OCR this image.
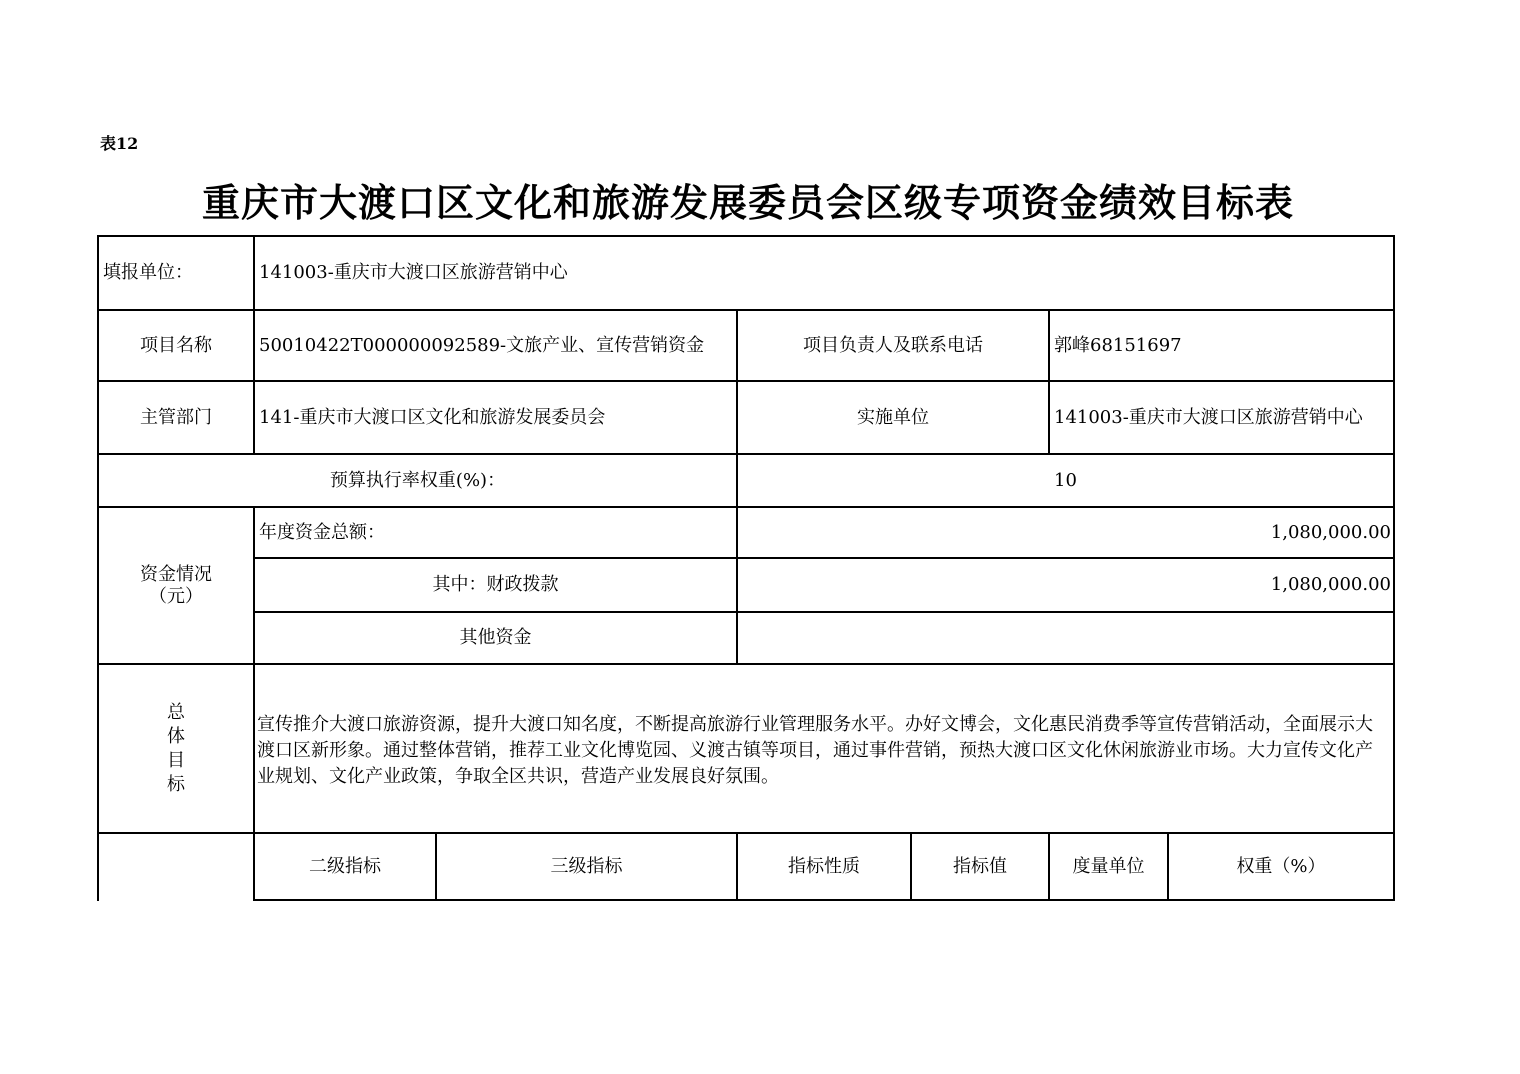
表12
重庆市大渡口区文化和旅游发展委员会区级专项资金绩效目标表
填报单位：	141003-重庆市大渡口区旅游营销中心
项目名称	50010422T000000092589-文旅产业、宣传营销资金	项目负责人及联系电话	郭峰68151697
主管部门	141-重庆市大渡口区文化和旅游发展委员会	实施单位	141003-重庆市大渡口区旅游营销中心
预算执行率权重(%)：	10
资金情况
（元）
年度资金总额：	1,080,000.00
其中：财政拨款	1,080,000.00
其他资金
总
体
目
标
宣传推介大渡口旅游资源，提升大渡口知名度，不断提高旅游行业管理服务水平。办好文博会，文化惠民消费季等宣传营销活动，全面展示大渡口区新形象。通过整体营销，推荐工业文化博览园、义渡古镇等项目，通过事件营销，预热大渡口区文化休闲旅游业市场。大力宣传文化产业规划、文化产业政策，争取全区共识，营造产业发展良好氛围。
二级指标	三级指标	指标性质	指标值	度量单位	权重（%）
